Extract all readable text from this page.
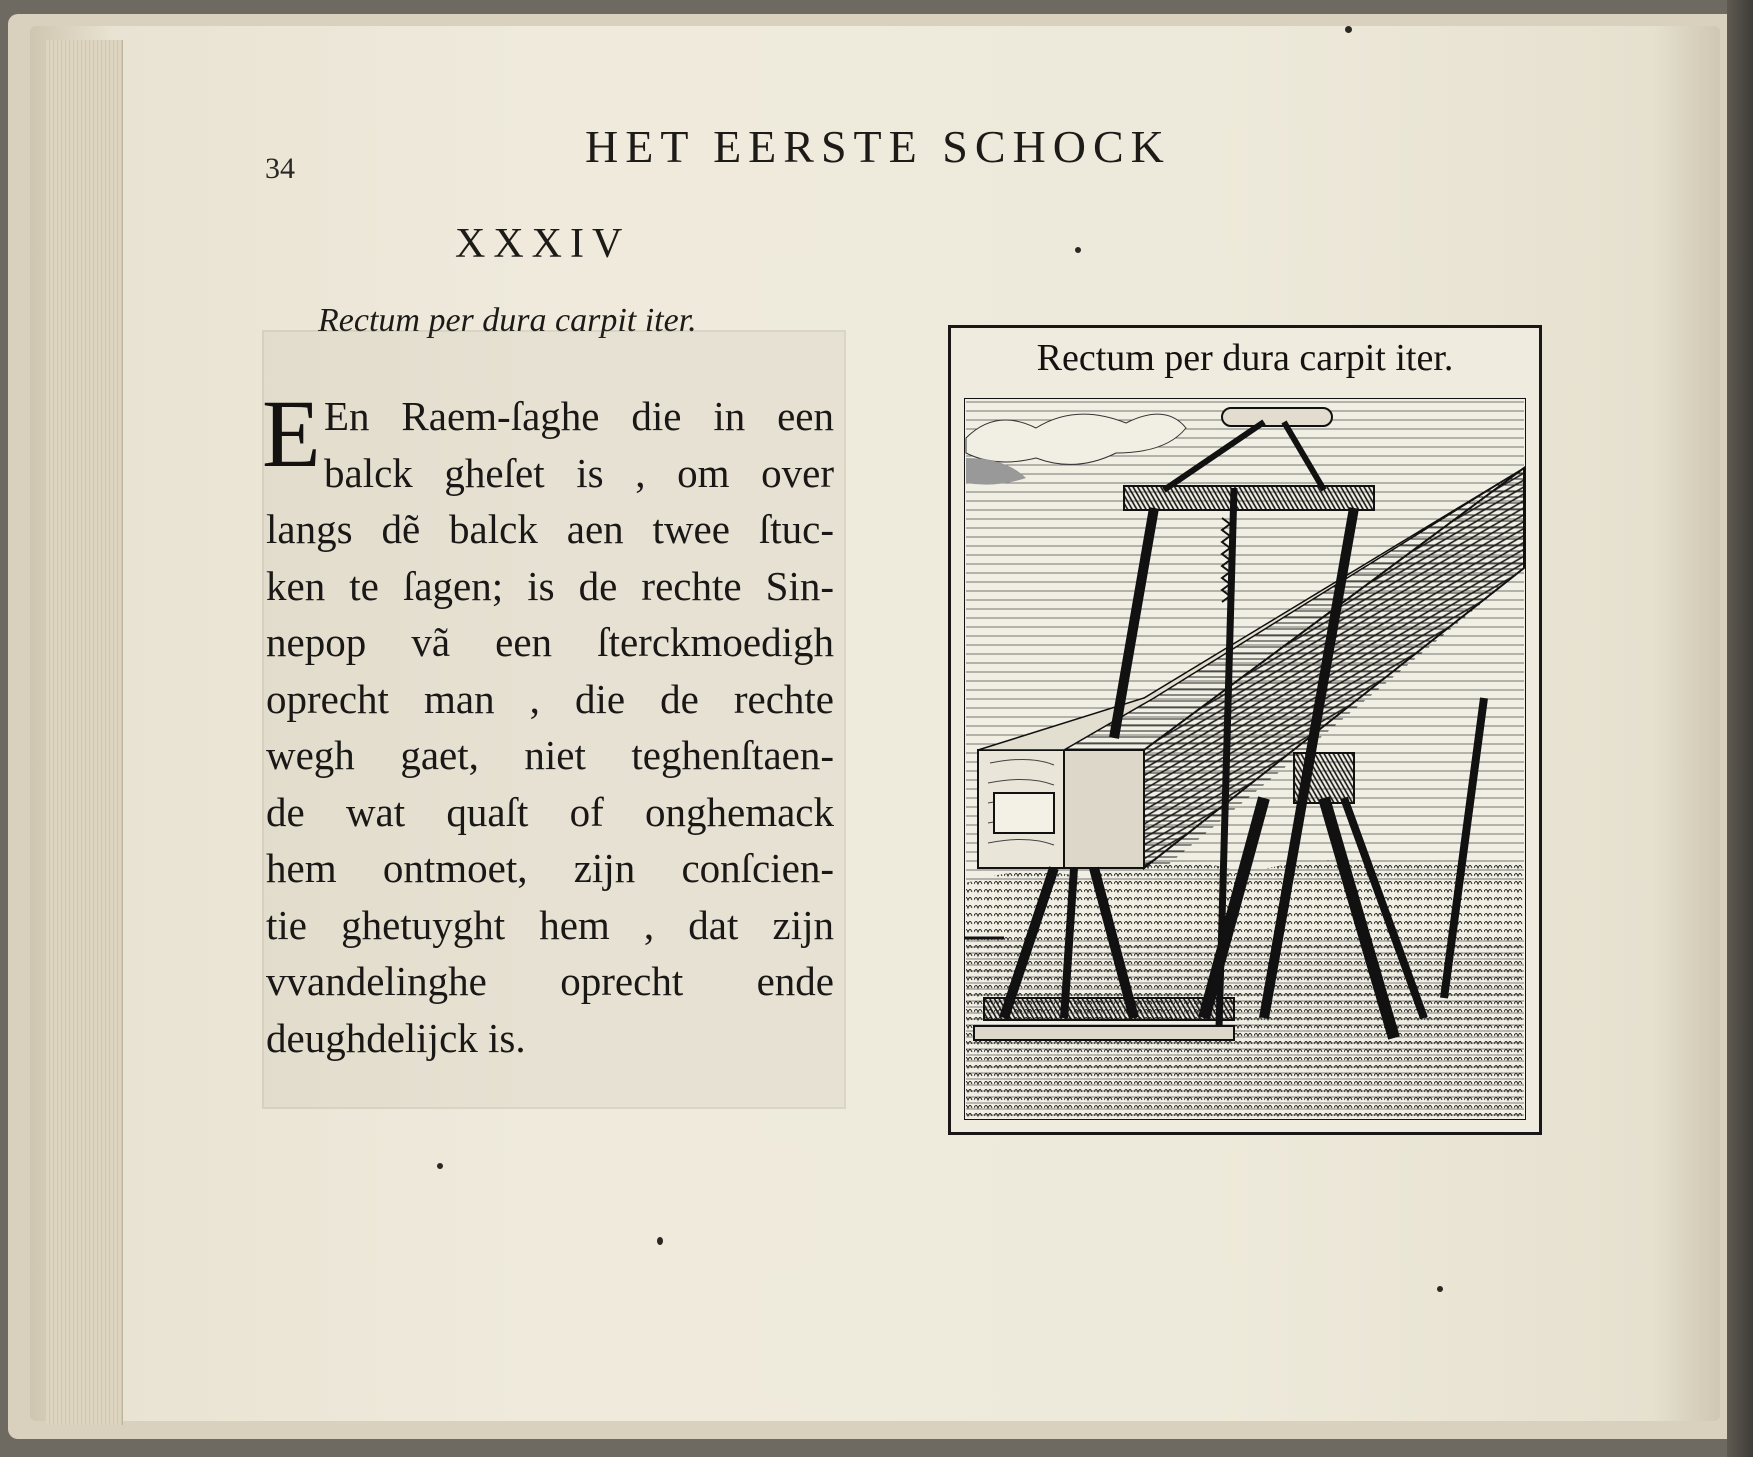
34	HET EERSTE SCHOCK
XXXIV
Rectum per dura carpit iter.
E En Raem-ſaghe die in een
balck gheſet is , om over
langs dẽ balck aen twee ſtuc-
ken te ſagen; is de rechte Sin-
nepop vã een ſterckmoedigh
oprecht man , die de rechte
wegh gaet, niet teghenſtaen-
de wat quaſt of onghemack
hem ontmoet, zijn conſcien-
tie ghetuyght hem , dat zijn
vvandelinghe oprecht ende
deughdelijck is.
Rectum per dura carpit iter.
